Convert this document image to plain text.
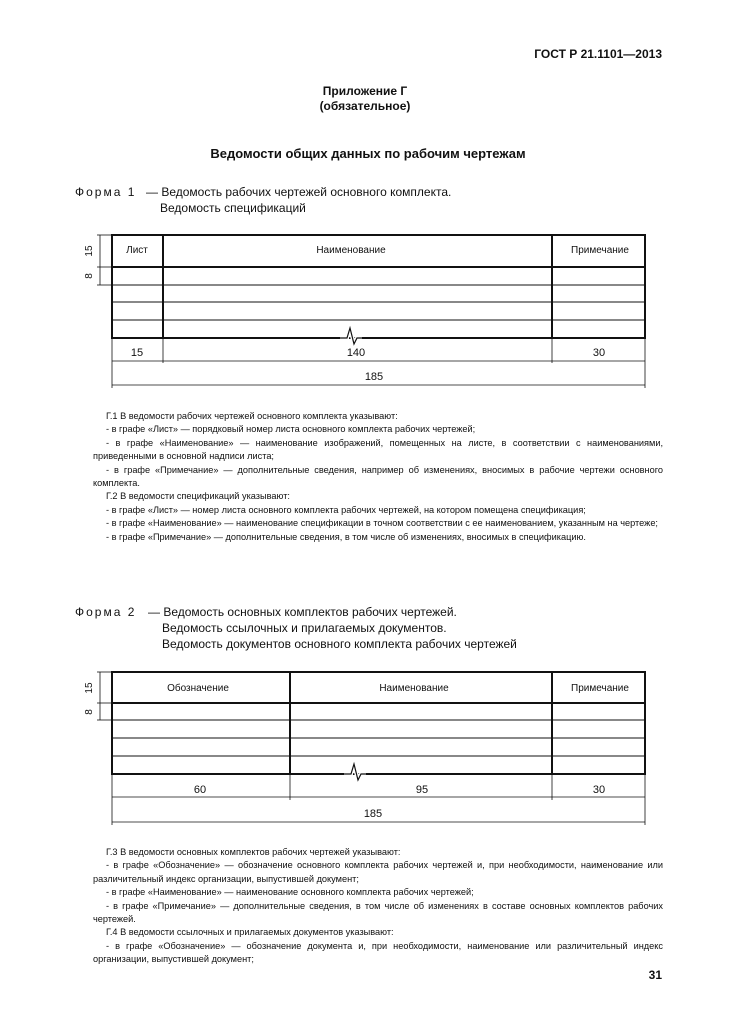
ГОСТ Р 21.1101—2013
Приложение Г
(обязательное)
Ведомости общих данных по рабочим чертежам
Форма 1 — Ведомость рабочих чертежей основного комплекта.
Ведомость спецификаций
Лист	Наименование	Примечание
15
8
15	140	30
185

Г.1 В ведомости рабочих чертежей основного комплекта указывают:

- в графе «Лист» — порядковый номер листа основного комплекта рабочих чертежей;

- в графе «Наименование» — наименование изображений, помещенных на листе, в соответствии с наименованиями, приведенными в основной надписи листа;

- в графе «Примечание» — дополнительные сведения, например об изменениях, вносимых в рабочие чертежи основного комплекта.

Г.2 В ведомости спецификаций указывают:

- в графе «Лист» — номер листа основного комплекта рабочих чертежей, на котором помещена спецификация;

- в графе «Наименование» — наименование спецификации в точном соответствии с ее наименованием, указанным на чертеже;

- в графе «Примечание» — дополнительные сведения, в том числе об изменениях, вносимых в спецификацию.

Форма 2 — Ведомость основных комплектов рабочих чертежей.
Ведомость ссылочных и прилагаемых документов.
Ведомость документов основного комплекта рабочих чертежей
Обозначение	Наименование	Примечание
15
8
60	95	30
185

Г.3 В ведомости основных комплектов рабочих чертежей указывают:

- в графе «Обозначение» — обозначение основного комплекта рабочих чертежей и, при необходимости, наименование или различительный индекс организации, выпустившей документ;

- в графе «Наименование» — наименование основного комплекта рабочих чертежей;

- в графе «Примечание» — дополнительные сведения, в том числе об изменениях в составе основных комплектов рабочих чертежей.

Г.4 В ведомости ссылочных и прилагаемых документов указывают:

- в графе «Обозначение» — обозначение документа и, при необходимости, наименование или различительный индекс организации, выпустившей документ;

31
